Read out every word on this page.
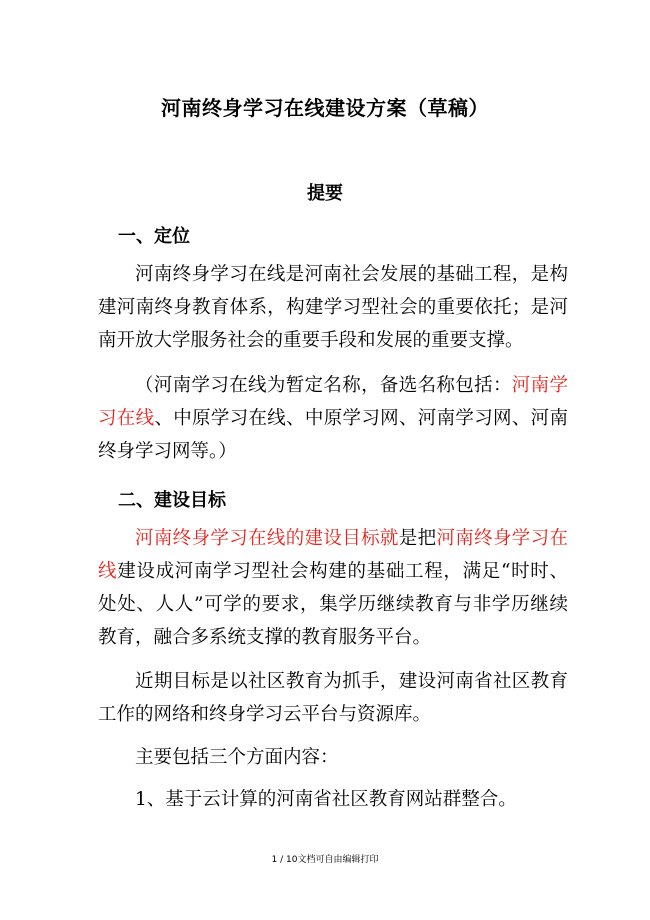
河南终身学习在线建设方案（草稿）
提要
一、定位

河南终身学习在线是河南社会发展的基础工程，是构建河南终身教育体系，构建学习型社会的重要依托；是河南开放大学服务社会的重要手段和发展的重要支撑。

（河南学习在线为暂定名称，备选名称包括：河南学习在线、中原学习在线、中原学习网、河南学习网、河南终身学习网等。）

二、建设目标

河南终身学习在线的建设目标就是把河南终身学习在线建设成河南学习型社会构建的基础工程，满足“时时、处处、人人”可学的要求，集学历继续教育与非学历继续教育，融合多系统支撑的教育服务平台。

近期目标是以社区教育为抓手，建设河南省社区教育工作的网络和终身学习云平台与资源库。

主要包括三个方面内容：

1、基于云计算的河南省社区教育网站群整合。

1 / 10文档可自由编辑打印
